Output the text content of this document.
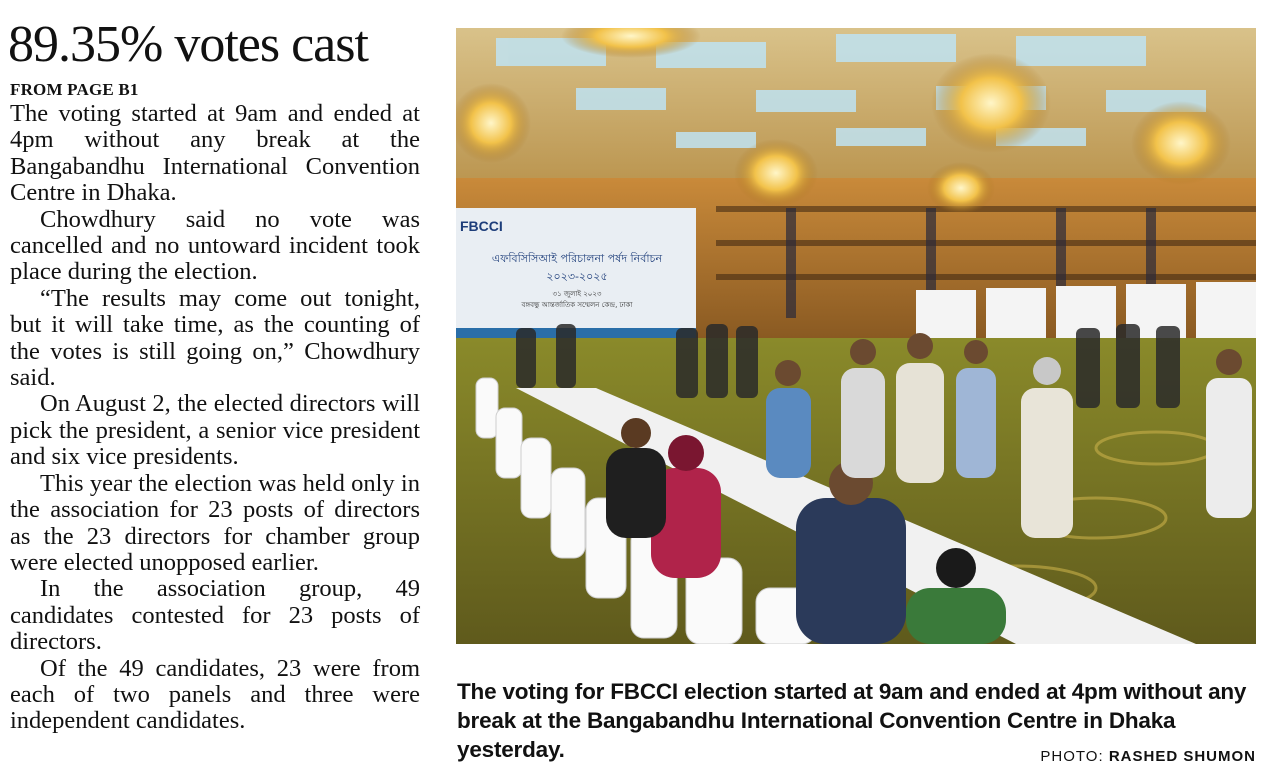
89.35% votes cast
FROM PAGE B1

The voting started at 9am and ended at 4pm without any break at the Bangabandhu International Convention Centre in Dhaka.

Chowdhury said no vote was cancelled and no untoward incident took place during the election.

“The results may come out tonight, but it will take time, as the counting of the votes is still going on,” Chowdhury said.

On August 2, the elected directors will pick the president, a senior vice president and six vice presidents.

This year the election was held only in the association for 23 posts of directors as the 23 directors for chamber group were elected unopposed earlier.

In the association group, 49 candidates contested for 23 posts of directors.

Of the 49 candidates, 23 were from each of two panels and three were independent candidates.

FBCCI
এফবিসিসিআই পরিচালনা পর্ষদ নির্বাচন
২০২৩-২০২৫
৩১ জুলাই ২০২৩
বঙ্গবন্ধু আন্তর্জাতিক সম্মেলন কেন্দ্র, ঢাকা
The voting for FBCCI election started at 9am and ended at 4pm without any break at the Bangabandhu International Convention Centre in Dhaka yesterday.	PHOTO: RASHED SHUMON
